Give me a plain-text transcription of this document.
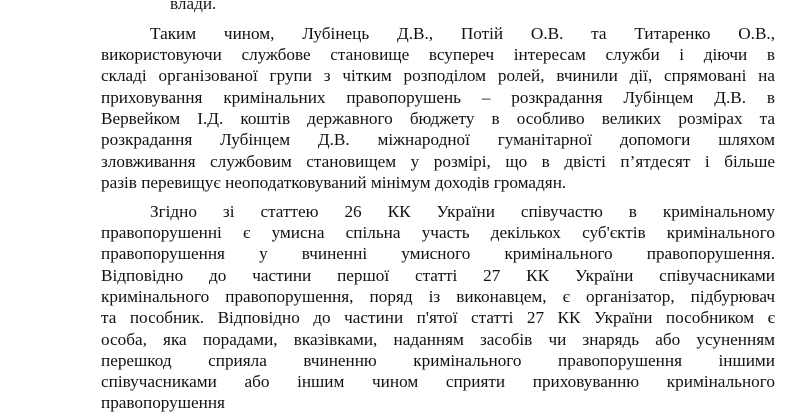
влади.
Таким чином, Лубінець Д.В., Потій О.В. та Титаренко О.В.,
використовуючи службове становище всупереч інтересам служби і діючи в
складі організованої групи з чітким розподілом ролей, вчинили дії, спрямовані на
приховування кримінальних правопорушень – розкрадання Лубінцем Д.В. в
Вервейком І.Д. коштів державного бюджету в особливо великих розмірах та
розкрадання Лубінцем Д.В. міжнародної гуманітарної допомоги шляхом
зловживання службовим становищем у розмірі, що в двісті п’ятдесят і більше
разів перевищує неоподатковуваний мінімум доходів громадян.
Згідно зі статтею 26 КК України співучастю в кримінальному
правопорушенні є умисна спільна участь декількох суб'єктів кримінального
правопорушення у вчиненні умисного кримінального правопорушення.
Відповідно до частини першої статті 27 КК України співучасниками
кримінального правопорушення, поряд із виконавцем, є організатор, підбурювач
та пособник. Відповідно до частини п'ятої статті 27 КК України пособником є
особа, яка порадами, вказівками, наданням засобів чи знарядь або усуненням
перешкод сприяла вчиненню кримінального правопорушення іншими
співучасниками або іншим чином сприяти приховуванню кримінального
правопорушення
